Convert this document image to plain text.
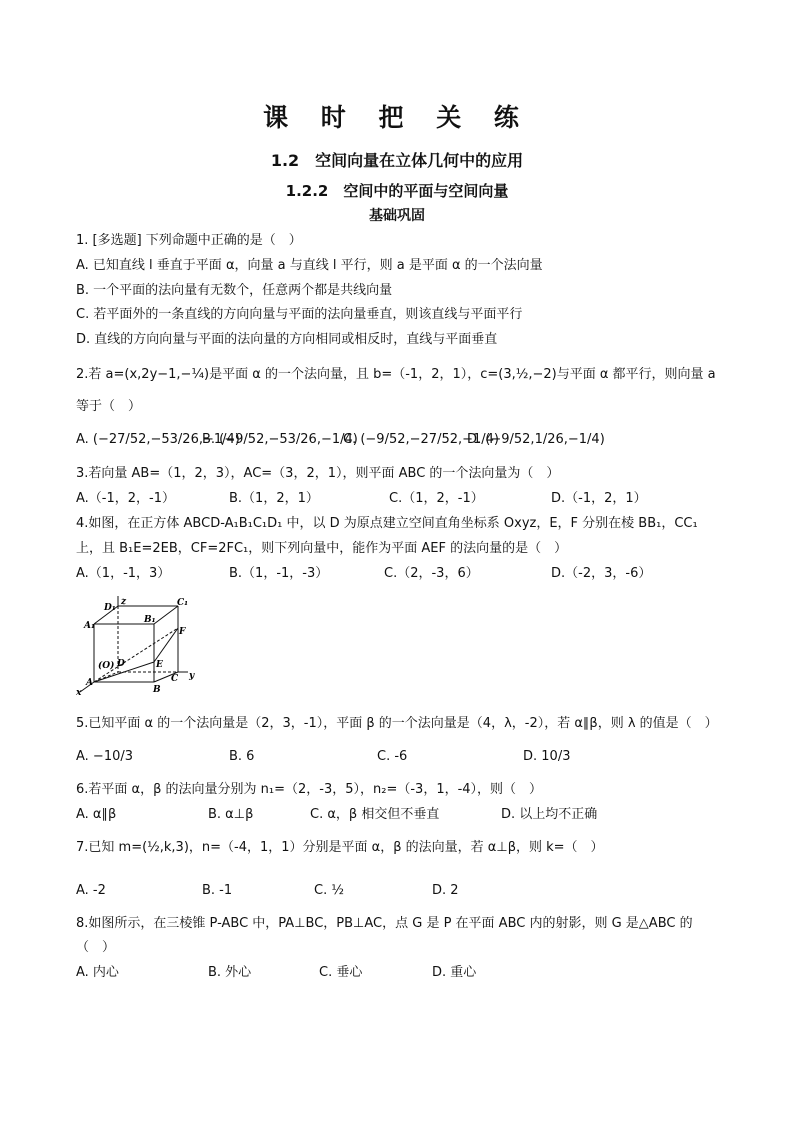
课 时 把 关 练
1.2　空间向量在立体几何中的应用
1.2.2　空间中的平面与空间向量
基础巩固
1. [多选题] 下列命题中正确的是（　）
A. 已知直线 l 垂直于平面 α，向量 a 与直线 l 平行，则 a 是平面 α 的一个法向量
B. 一个平面的法向量有无数个，任意两个都是共线向量
C. 若平面外的一条直线的方向向量与平面的法向量垂直，则该直线与平面平行
D. 直线的方向向量与平面的法向量的方向相同或相反时，直线与平面垂直
2.若 a=(x,2y−1,−¼)是平面 α 的一个法向量，且 b=（-1，2，1），c=(3,½,−2)与平面 α 都平行，则向量 a
等于（　）
A. (−27/52,−53/26,−1/4)
B. (−9/52,−53/26,−1/4)
C. (−9/52,−27/52,−1/4)
D. (−9/52,1/26,−1/4)
3.若向量 AB=（1，2，3），AC=（3，2，1），则平面 ABC 的一个法向量为（　）
A.（-1，2，-1）	B.（1，2，1）	C.（1，2，-1）	D.（-1，2，1）
4.如图，在正方体 ABCD-A₁B₁C₁D₁ 中，以 D 为原点建立空间直角坐标系 Oxyz，E，F 分别在棱 BB₁，CC₁
上，且 B₁E=2EB，CF=2FC₁，则下列向量中，能作为平面 AEF 的法向量的是（　）
A.（1，-1，3）	B.（1，-1，-3）	C.（2，-3，6）	D.（-2，3，-6）
D₁
z	C₁
A₁
B₁
F
(O) D	E
A
x	B
C y
5.已知平面 α 的一个法向量是（2，3，-1），平面 β 的一个法向量是（4，λ，-2），若 α∥β，则 λ 的值是（　）
A. −10/3	B. 6	C. -6	D. 10/3
6.若平面 α，β 的法向量分别为 n₁=（2，-3，5），n₂=（-3，1，-4），则（　）
A. α∥β	B. α⊥β	C. α，β 相交但不垂直	D. 以上均不正确
7.已知 m=(½,k,3)，n=（-4，1，1）分别是平面 α，β 的法向量，若 α⊥β，则 k=（　）
A. -2	B. -1	C. ½	D. 2
8.如图所示，在三棱锥 P-ABC 中，PA⊥BC，PB⊥AC，点 G 是 P 在平面 ABC 内的射影，则 G 是△ABC 的
（　）
A. 内心	B. 外心	C. 垂心	D. 重心
